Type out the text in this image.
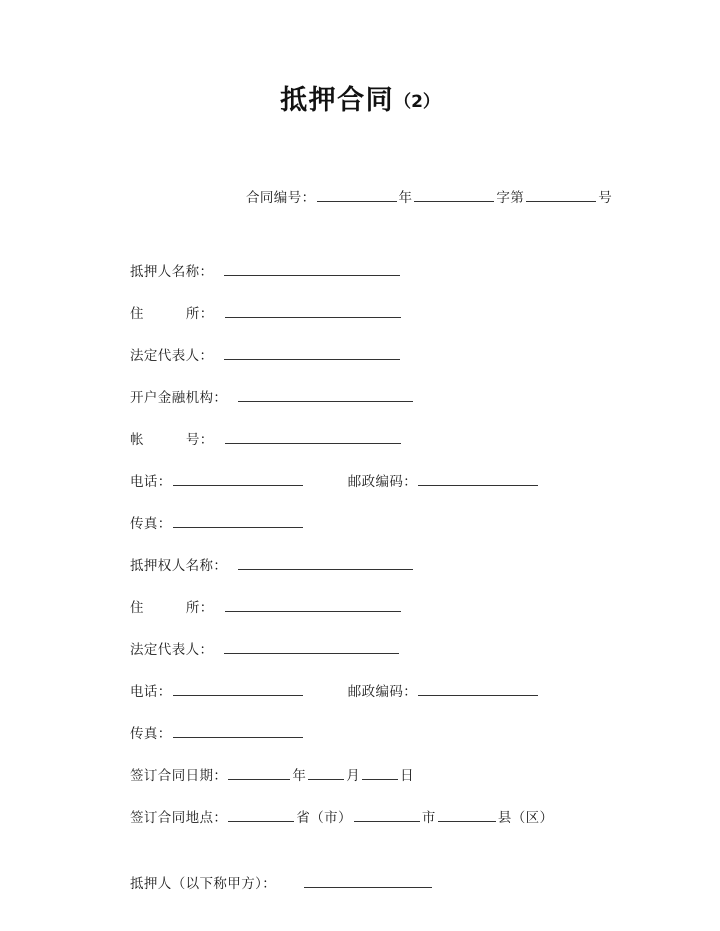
抵押合同（2）
合同编号：	年	字第	号
抵押人名称：
住	所：
法定代表人：
开户金融机构：
帐	号：
电话：	邮政编码：
传真：
抵押权人名称：
住	所：
法定代表人：
电话：	邮政编码：
传真：
签订合同日期：	年	月	日
签订合同地点：	省（市）	市	县（区）
抵押人（以下称甲方）：
